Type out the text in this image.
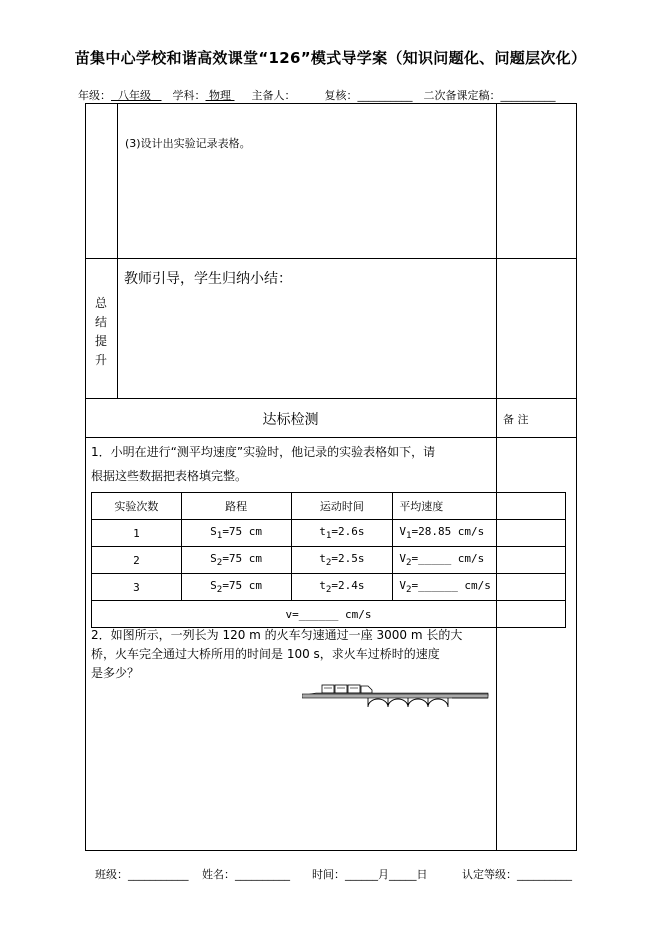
苗集中心学校和谐高效课堂“126”模式导学案（知识问题化、问题层次化）
年级： 八年级 学科： 物理 主备人：	复核：__________ 二次备课定稿：__________
(3)设计出实验记录表格。
教师引导，学生归纳小结：
总
结
提
升
达标检测	备 注
1．小明在进行“测平均速度”实验时，他记录的实验表格如下，请
根据这些数据把表格填完整。
实验次数	路程	运动时间	平均速度
1	$S_1=75$ cm	$t_1=2.6s$	$V_1=28.85$ cm/s
2	$S_2=75$ cm	$t_2=2.5s$	$V_2=\_\_\_\_\_$ cm/s
3	$S_2=75$ cm	$t_2=2.4s$	$V_2=\_\_\_\_\_\_$ cm/s
v=______ cm/s			
2．如图所示，一列长为 120 m 的火车匀速通过一座 3000 m 长的大
桥，火车完全通过大桥所用的时间是 100 s，求火车过桥时的速度
是多少？
班级：___________ 姓名：__________ 时间：______月_____日	认定等级：__________
